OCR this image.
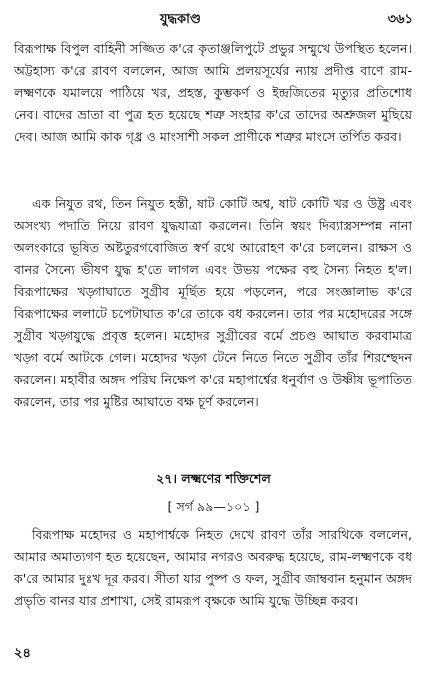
যুদ্ধকাণ্ড	৩৬১

বিরূপাক্ষ বিপুল বাহিনী সজ্জিত ক'রে কৃতাঞ্জলিপুটে প্রভুর সম্মুখে উপস্থিত হলেন। অট্টহাস্য ক'রে রাবণ বললেন, আজ আমি প্রলয়সূর্যের ন্যায় প্রদীপ্ত বাণে রাম-লক্ষ্মণকে যমালয়ে পাঠিয়ে খর, প্রহস্ত, কুম্ভকর্ণ ও ইন্দ্রজিতের মৃত্যুর প্রতিশোধ নেব। বাদের ভ্রাতা বা পুত্র হত হয়েছে শত্রু সংহার ক'রে তাদের অশ্রুজল মুছিয়ে দেব। আজ আমি কাক গৃধ্র ও মাংসাশী সকল প্রাণীকে শত্রুর মাংসে তর্পিত করব।

এক নিযুত রথ, তিন নিযুত হস্তী, ষাট কোটি অশ্ব, ষাট কোটি খর ও উষ্ট্র এবং অসংখ্য পদাতি নিয়ে রাবণ যুদ্ধযাত্রা করলেন। তিনি স্বয়ং দিব্যাস্ত্রসম্পন্ন নানা অলংকারে ভূষিত অষ্টতুরগবোজিত স্বর্ণ রথে আরোহণ ক'রে চললেন। রাক্ষস ও বানর সৈন্যে ভীষণ যুদ্ধ হ'তে লাগল এবং উভয় পক্ষের বহু সৈন্য নিহত হ'ল। বিরূপাক্ষের খড়্গাঘাতে সুগ্রীব মূর্ছিত হয়ে পড়লেন, পরে সংজ্ঞালাভ ক'রে বিরূপাক্ষের ললাটে চপেটাঘাত ক'রে তাকে বধ করলেন। তার পর মহোদরের সঙ্গে সুগ্রীব খড়্গযুদ্ধে প্রবৃত্ত হলেন। মহোদর সুগ্রীবের বর্মে প্রচণ্ড আঘাত করবামাত্র খড়্গ বর্মে আটকে গেল। মহোদর খড়্গ টেনে নিতে নিতে সুগ্রীব তাঁর শিরশ্ছেদন করলেন। মহাবীর অঙ্গদ পরিঘ নিক্ষেপ ক'রে মহাপার্শ্বের ধনুর্বাণ ও উষ্ণীষ ভূপাতিত করলেন, তার পর মুষ্টির আঘাতে বক্ষ চূর্ণ করলেন।

২৭। লক্ষ্মণের শক্তিশেল
[ সর্গ ৯৯—১০১ ]

বিরূপাক্ষ মহোদর ও মহাপার্শ্বকে নিহত দেখে রাবণ তাঁর সারথিকে বললেন, আমার অমাত্যগণ হত হয়েছেন, আমার নগরও অবরুদ্ধ হয়েছে, রাম-লক্ষ্মণকে বধ ক'রে আমার দুঃখ দূর করব। সীতা যার পুষ্প ও ফল, সুগ্রীব জাম্ববান হনুমান অঙ্গদ প্রভৃতি বানর যার প্রশাখা, সেই রামরূপ বৃক্ষকে আমি যুদ্ধে উচ্ছিন্ন করব।

২৪
